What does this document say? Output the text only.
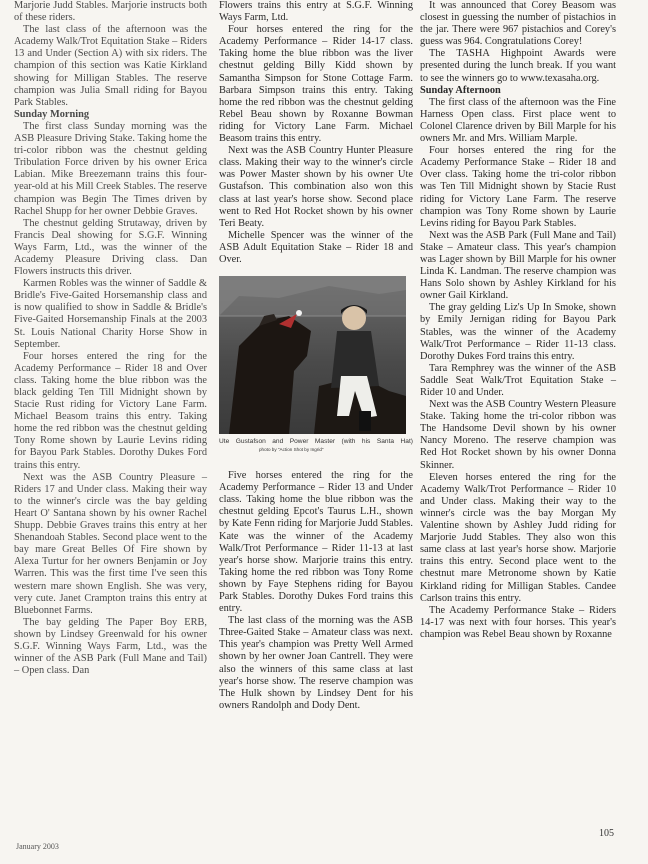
Marjorie Judd Stables. Marjorie instructs both of these riders.

The last class of the afternoon was the Academy Walk/Trot Equitation Stake – Riders 13 and Under (Section A) with six riders. The champion of this section was Katie Kirkland showing for Milligan Stables. The reserve champion was Julia Small riding for Bayou Park Stables.

Sunday Morning

The first class Sunday morning was the ASB Pleasure Driving Stake. Taking home the tri-color ribbon was the chestnut gelding Tribulation Force driven by his owner Erica Labian. Mike Breezemann trains this four-year-old at his Mill Creek Stables. The reserve champion was Begin The Times driven by Rachel Shupp for her owner Debbie Graves.

The chestnut gelding Strutaway, driven by Francis Deal showing for S.G.F. Winning Ways Farm, Ltd., was the winner of the Academy Pleasure Driving class. Dan Flowers instructs this driver.

Karmen Robles was the winner of Saddle & Bridle's Five-Gaited Horsemanship class and is now qualified to show in Saddle & Bridle's Five-Gaited Horsemanship Finals at the 2003 St. Louis National Charity Horse Show in September.

Four horses entered the ring for the Academy Performance – Rider 18 and Over class. Taking home the blue ribbon was the black gelding Ten Till Midnight shown by Stacie Rust riding for Victory Lane Farm. Michael Beasom trains this entry. Taking home the red ribbon was the chestnut gelding Tony Rome shown by Laurie Levins riding for Bayou Park Stables. Dorothy Dukes Ford trains this entry.

Next was the ASB Country Pleasure – Riders 17 and Under class. Making their way to the winner's circle was the bay gelding Heart O' Santana shown by his owner Rachel Shupp. Debbie Graves trains this entry at her Shenandoah Stables. Second place went to the bay mare Great Belles Of Fire shown by Alexa Turtur for her owners Benjamin or Joy Warren. This was the first time I've seen this western mare shown English. She was very, very cute. Janet Crampton trains this entry at Bluebonnet Farms.

The bay gelding The Paper Boy ERB, shown by Lindsey Greenwald for his owner S.G.F. Winning Ways Farm, Ltd., was the winner of the ASB Park (Full Mane and Tail) – Open class. Dan

Flowers trains this entry at S.G.F. Winning Ways Farm, Ltd.

Four horses entered the ring for the Academy Performance – Rider 14-17 class. Taking home the blue ribbon was the liver chestnut gelding Billy Kidd shown by Samantha Simpson for Stone Cottage Farm. Barbara Simpson trains this entry. Taking home the red ribbon was the chestnut gelding Rebel Beau shown by Roxanne Bowman riding for Victory Lane Farm. Michael Beasom trains this entry.

Next was the ASB Country Hunter Pleasure class. Making their way to the winner's circle was Power Master shown by his owner Ute Gustafson. This combination also won this class at last year's horse show. Second place went to Red Hot Rocket shown by his owner Teri Beaty.

Michelle Spencer was the winner of the ASB Adult Equitation Stake – Rider 18 and Over.

Ute Gustafson and Power Master (with his Santa Hat) photo by "Action Shot by Ingrid"

Five horses entered the ring for the Academy Performance – Rider 13 and Under class. Taking home the blue ribbon was the chestnut gelding Epcot's Taurus L.H., shown by Kate Fenn riding for Marjorie Judd Stables. Kate was the winner of the Academy Walk/Trot Performance – Rider 11-13 at last year's horse show. Marjorie trains this entry. Taking home the red ribbon was Tony Rome shown by Faye Stephens riding for Bayou Park Stables. Dorothy Dukes Ford trains this entry.

The last class of the morning was the ASB Three-Gaited Stake – Amateur class was next. This year's champion was Pretty Well Armed shown by her owner Joan Cantrell. They were also the winners of this same class at last year's horse show. The reserve champion was The Hulk shown by Lindsey Dent for his owners Randolph and Dody Dent.

It was announced that Corey Beasom was closest in guessing the number of pistachios in the jar. There were 967 pistachios and Corey's guess was 964. Congratulations Corey!

The TASHA Highpoint Awards were presented during the lunch break. If you want to see the winners go to www.texasaha.org.

Sunday Afternoon

The first class of the afternoon was the Fine Harness Open class. First place went to Colonel Clarence driven by Bill Marple for his owners Mr. and Mrs. William Marple.

Four horses entered the ring for the Academy Performance Stake – Rider 18 and Over class. Taking home the tri-color ribbon was Ten Till Midnight shown by Stacie Rust riding for Victory Lane Farm. The reserve champion was Tony Rome shown by Laurie Levins riding for Bayou Park Stables.

Next was the ASB Park (Full Mane and Tail) Stake – Amateur class. This year's champion was Lager shown by Bill Marple for his owner Linda K. Landman. The reserve champion was Hans Solo shown by Ashley Kirkland for his owner Gail Kirkland.

The gray gelding Liz's Up In Smoke, shown by Emily Jernigan riding for Bayou Park Stables, was the winner of the Academy Walk/Trot Performance – Rider 11-13 class. Dorothy Dukes Ford trains this entry.

Tara Remphrey was the winner of the ASB Saddle Seat Walk/Trot Equitation Stake – Rider 10 and Under.

Next was the ASB Country Western Pleasure Stake. Taking home the tri-color ribbon was The Handsome Devil shown by his owner Nancy Moreno. The reserve champion was Red Hot Rocket shown by his owner Donna Skinner.

Eleven horses entered the ring for the Academy Walk/Trot Performance – Rider 10 and Under class. Making their way to the winner's circle was the bay Morgan My Valentine shown by Ashley Judd riding for Marjorie Judd Stables. They also won this same class at last year's horse show. Marjorie trains this entry. Second place went to the chestnut mare Metronome shown by Katie Kirkland riding for Milligan Stables. Candee Carlson trains this entry.

The Academy Performance Stake – Riders 14-17 was next with four horses. This year's champion was Rebel Beau shown by Roxanne

January 2003
105
